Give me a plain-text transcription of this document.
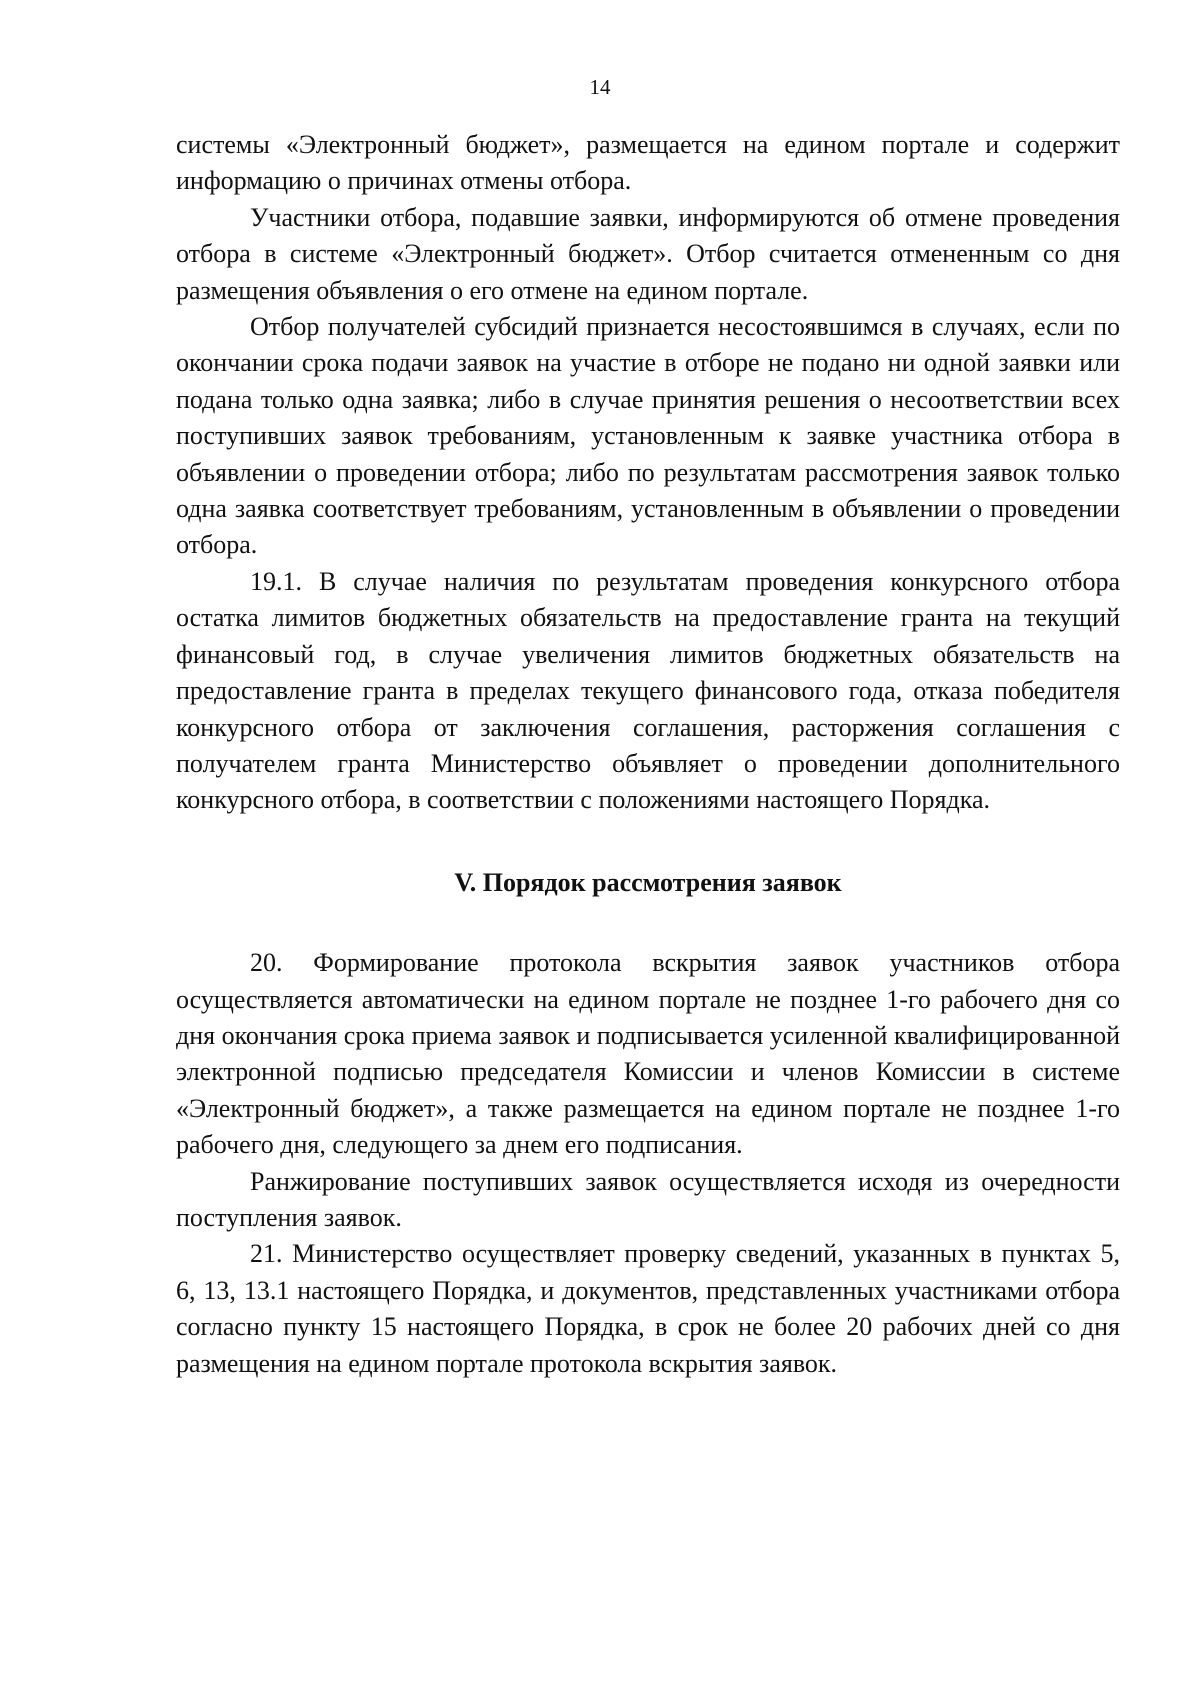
14

системы «Электронный бюджет», размещается на едином портале и содержит информацию о причинах отмены отбора.

Участники отбора, подавшие заявки, информируются об отмене проведения отбора в системе «Электронный бюджет». Отбор считается отмененным со дня размещения объявления о его отмене на едином портале.

Отбор получателей субсидий признается несостоявшимся в случаях, если по окончании срока подачи заявок на участие в отборе не подано ни одной заявки или подана только одна заявка; либо в случае принятия решения о несоответствии всех поступивших заявок требованиям, установленным к заявке участника отбора в объявлении о проведении отбора; либо по результатам рассмотрения заявок только одна заявка соответствует требованиям, установленным в объявлении о проведении отбора.

19.1. В случае наличия по результатам проведения конкурсного отбора остатка лимитов бюджетных обязательств на предоставление гранта на текущий финансовый год, в случае увеличения лимитов бюджетных обязательств на предоставление гранта в пределах текущего финансового года, отказа победителя конкурсного отбора от заключения соглашения, расторжения соглашения с получателем гранта Министерство объявляет о проведении дополнительного конкурсного отбора, в соответствии с положениями настоящего Порядка.

V. Порядок рассмотрения заявок

20. Формирование протокола вскрытия заявок участников отбора осуществляется автоматически на едином портале не позднее 1-го рабочего дня со дня окончания срока приема заявок и подписывается усиленной квалифицированной электронной подписью председателя Комиссии и членов Комиссии в системе «Электронный бюджет», а также размещается на едином портале не позднее 1-го рабочего дня, следующего за днем его подписания.

Ранжирование поступивших заявок осуществляется исходя из очередности поступления заявок.

21. Министерство осуществляет проверку сведений, указанных в пунктах 5, 6, 13, 13.1 настоящего Порядка, и документов, представленных участниками отбора согласно пункту 15 настоящего Порядка, в срок не более 20 рабочих дней со дня размещения на едином портале протокола вскрытия заявок.
